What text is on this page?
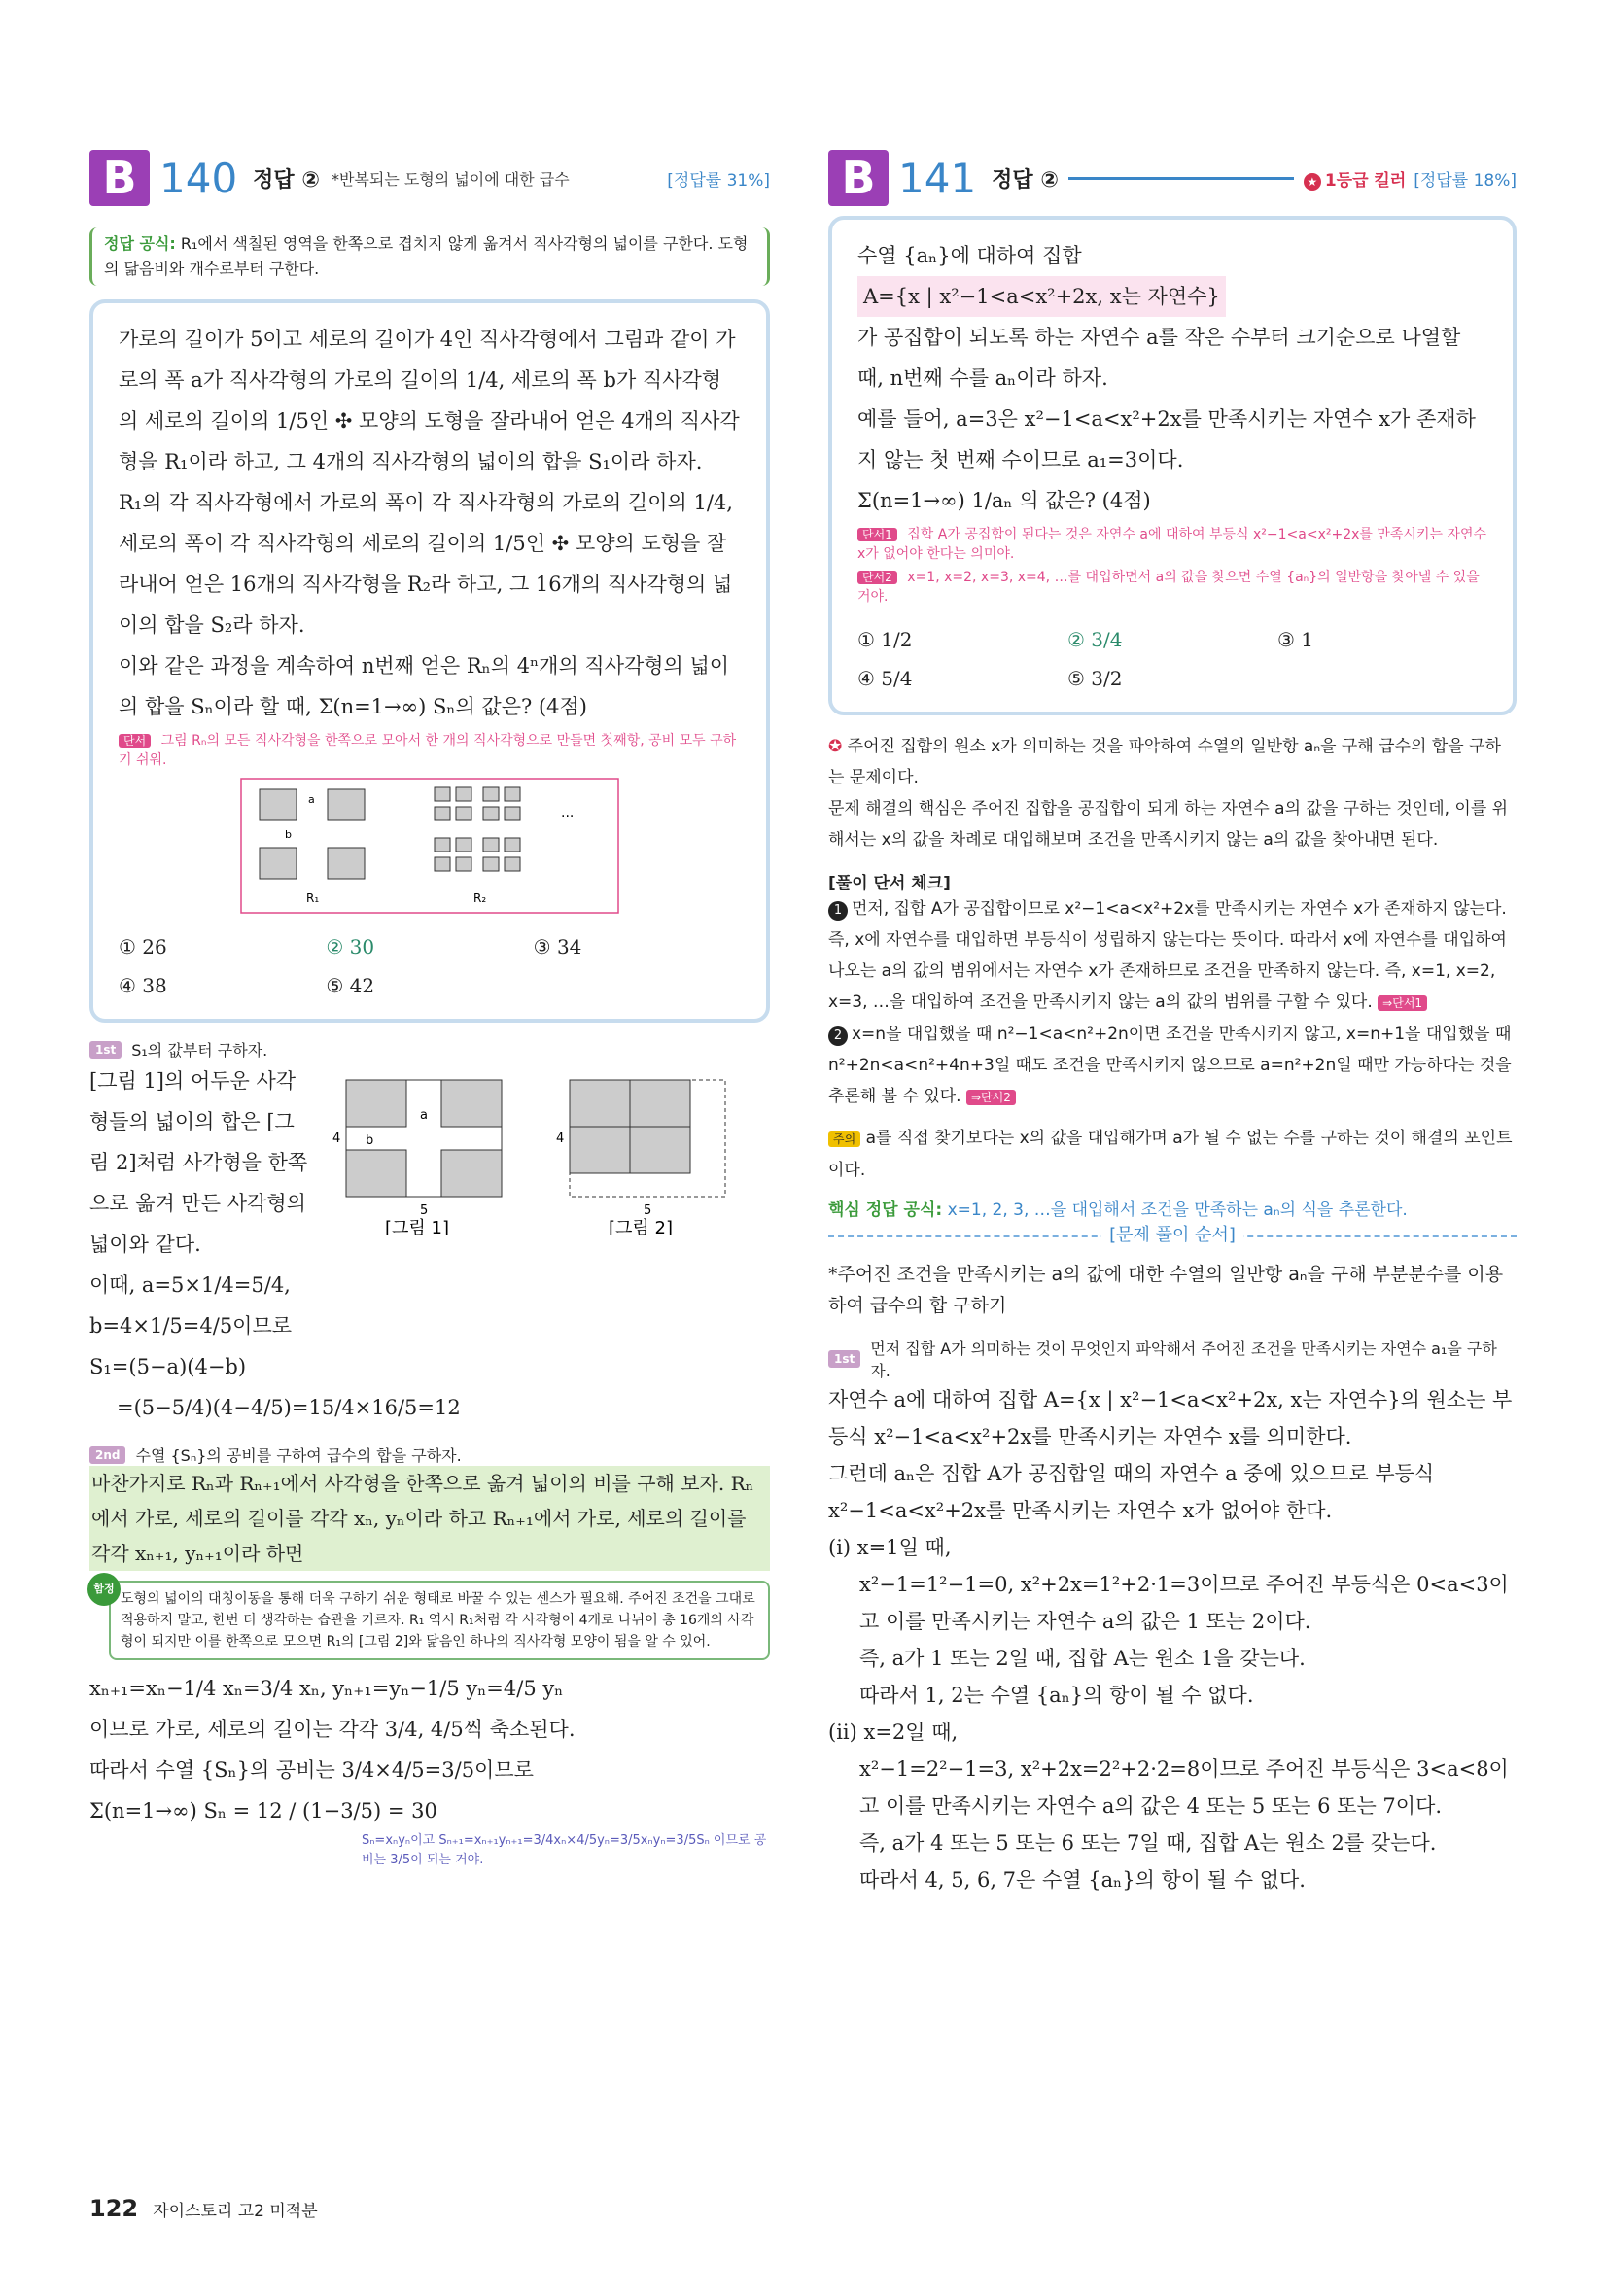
B 140 정답 ② *반복되는 도형의 넓이에 대한 급수	[정답률 31%]
정답 공식: R₁에서 색칠된 영역을 한쪽으로 겹치지 않게 옮겨서 직사각형의 넓이를 구한다. 도형의 닮음비와 개수로부터 구한다.

가로의 길이가 5이고 세로의 길이가 4인 직사각형에서 그림과 같이 가로의 폭 a가 직사각형의 가로의 길이의 1/4, 세로의 폭 b가 직사각형의 세로의 길이의 1/5인 ✣ 모양의 도형을 잘라내어 얻은 4개의 직사각형을 R₁이라 하고, 그 4개의 직사각형의 넓이의 합을 S₁이라 하자.

R₁의 각 직사각형에서 가로의 폭이 각 직사각형의 가로의 길이의 1/4, 세로의 폭이 각 직사각형의 세로의 길이의 1/5인 ✣ 모양의 도형을 잘라내어 얻은 16개의 직사각형을 R₂라 하고, 그 16개의 직사각형의 넓이의 합을 S₂라 하자.

이와 같은 과정을 계속하여 n번째 얻은 Rₙ의 4ⁿ개의 직사각형의 넓이의 합을 Sₙ이라 할 때, Σ(n=1→∞) Sₙ의 값은? (4점)

단서 그림 Rₙ의 모든 직사각형을 한쪽으로 모아서 한 개의 직사각형으로 만들면 첫째항, 공비 모두 구하기 쉬워.
a
b
R₁	R₂
...
① 26	② 30	③ 34
④ 38	⑤ 42
1st	S₁의 값부터 구하자.

[그림 1]의 어두운 사각형들의 넓이의 합은 [그림 2]처럼 사각형을 한쪽으로 옮겨 만든 사각형의 넓이와 같다.

a
b
4
5
[그림 1]
4
5
[그림 2]

이때, a=5×1/4=5/4,

b=4×1/5=4/5이므로

S₁=(5−a)(4−b)

=(5−5/4)(4−4/5)=15/4×16/5=12

2nd	수열 {Sₙ}의 공비를 구하여 급수의 합을 구하자.
마찬가지로 Rₙ과 Rₙ₊₁에서 사각형을 한쪽으로 옮겨 넓이의 비를 구해 보자. Rₙ에서 가로, 세로의 길이를 각각 xₙ, yₙ이라 하고 Rₙ₊₁에서 가로, 세로의 길이를 각각 xₙ₊₁, yₙ₊₁이라 하면
함정
도형의 넓이의 대칭이동을 통해 더욱 구하기 쉬운 형태로 바꿀 수 있는 센스가 필요해. 주어진 조건을 그대로 적용하지 말고, 한번 더 생각하는 습관을 기르자. R₁ 역시 R₁처럼 각 사각형이 4개로 나뉘어 총 16개의 사각형이 되지만 이를 한쪽으로 모으면 R₁의 [그림 2]와 닮음인 하나의 직사각형 모양이 됨을 알 수 있어.

xₙ₊₁=xₙ−1/4 xₙ=3/4 xₙ, yₙ₊₁=yₙ−1/5 yₙ=4/5 yₙ

이므로 가로, 세로의 길이는 각각 3/4, 4/5씩 축소된다.

따라서 수열 {Sₙ}의 공비는 3/4×4/5=3/5이므로

Σ(n=1→∞) Sₙ = 12 / (1−3/5) = 30

Sₙ=xₙyₙ이고 Sₙ₊₁=xₙ₊₁yₙ₊₁=3/4xₙ×4/5yₙ=3/5xₙyₙ=3/5Sₙ 이므로 공비는 3/5이 되는 거야.
B 141 정답 ②	★ 1등급 킬러 [정답률 18%]

수열 {aₙ}에 대하여 집합

A={x | x²−1<a<x²+2x, x는 자연수}

가 공집합이 되도록 하는 자연수 a를 작은 수부터 크기순으로 나열할 때, n번째 수를 aₙ이라 하자.

예를 들어, a=3은 x²−1<a<x²+2x를 만족시키는 자연수 x가 존재하지 않는 첫 번째 수이므로 a₁=3이다.

Σ(n=1→∞) 1/aₙ 의 값은? (4점)

단서1 집합 A가 공집합이 된다는 것은 자연수 a에 대하여 부등식 x²−1<a<x²+2x를 만족시키는 자연수 x가 없어야 한다는 의미야.
단서2 x=1, x=2, x=3, x=4, …를 대입하면서 a의 값을 찾으면 수열 {aₙ}의 일반항을 찾아낼 수 있을 거야.
① 1/2	② 3/4	③ 1
④ 5/4	⑤ 3/2

✪ 주어진 집합의 원소 x가 의미하는 것을 파악하여 수열의 일반항 aₙ을 구해 급수의 합을 구하는 문제이다.

문제 해결의 핵심은 주어진 집합을 공집합이 되게 하는 자연수 a의 값을 구하는 것인데, 이를 위해서는 x의 값을 차례로 대입해보며 조건을 만족시키지 않는 a의 값을 찾아내면 된다.

[풀이 단서 체크]

1 먼저, 집합 A가 공집합이므로 x²−1<a<x²+2x를 만족시키는 자연수 x가 존재하지 않는다. 즉, x에 자연수를 대입하면 부등식이 성립하지 않는다는 뜻이다. 따라서 x에 자연수를 대입하여 나오는 a의 값의 범위에서는 자연수 x가 존재하므로 조건을 만족하지 않는다. 즉, x=1, x=2, x=3, …을 대입하여 조건을 만족시키지 않는 a의 값의 범위를 구할 수 있다. ⇒단서1

2 x=n을 대입했을 때 n²−1<a<n²+2n이면 조건을 만족시키지 않고, x=n+1을 대입했을 때 n²+2n<a<n²+4n+3일 때도 조건을 만족시키지 않으므로 a=n²+2n일 때만 가능하다는 것을 추론해 볼 수 있다. ⇒단서2

주의 a를 직접 찾기보다는 x의 값을 대입해가며 a가 될 수 없는 수를 구하는 것이 해결의 포인트이다.

핵심 정답 공식: x=1, 2, 3, …을 대입해서 조건을 만족하는 aₙ의 식을 추론한다.
[문제 풀이 순서]
*주어진 조건을 만족시키는 a의 값에 대한 수열의 일반항 aₙ을 구해 부분분수를 이용하여 급수의 합 구하기
1st
먼저 집합 A가 의미하는 것이 무엇인지 파악해서 주어진 조건을 만족시키는 자연수 a₁을 구하자.

자연수 a에 대하여 집합 A={x | x²−1<a<x²+2x, x는 자연수}의 원소는 부등식 x²−1<a<x²+2x를 만족시키는 자연수 x를 의미한다.

그런데 aₙ은 집합 A가 공집합일 때의 자연수 a 중에 있으므로 부등식 x²−1<a<x²+2x를 만족시키는 자연수 x가 없어야 한다.

(i) x=1일 때,

x²−1=1²−1=0, x²+2x=1²+2·1=3이므로 주어진 부등식은 0<a<3이고 이를 만족시키는 자연수 a의 값은 1 또는 2이다.

즉, a가 1 또는 2일 때, 집합 A는 원소 1을 갖는다.

따라서 1, 2는 수열 {aₙ}의 항이 될 수 없다.

(ii) x=2일 때,

x²−1=2²−1=3, x²+2x=2²+2·2=8이므로 주어진 부등식은 3<a<8이고 이를 만족시키는 자연수 a의 값은 4 또는 5 또는 6 또는 7이다.

즉, a가 4 또는 5 또는 6 또는 7일 때, 집합 A는 원소 2를 갖는다.

따라서 4, 5, 6, 7은 수열 {aₙ}의 항이 될 수 없다.

122 자이스토리 고2 미적분
